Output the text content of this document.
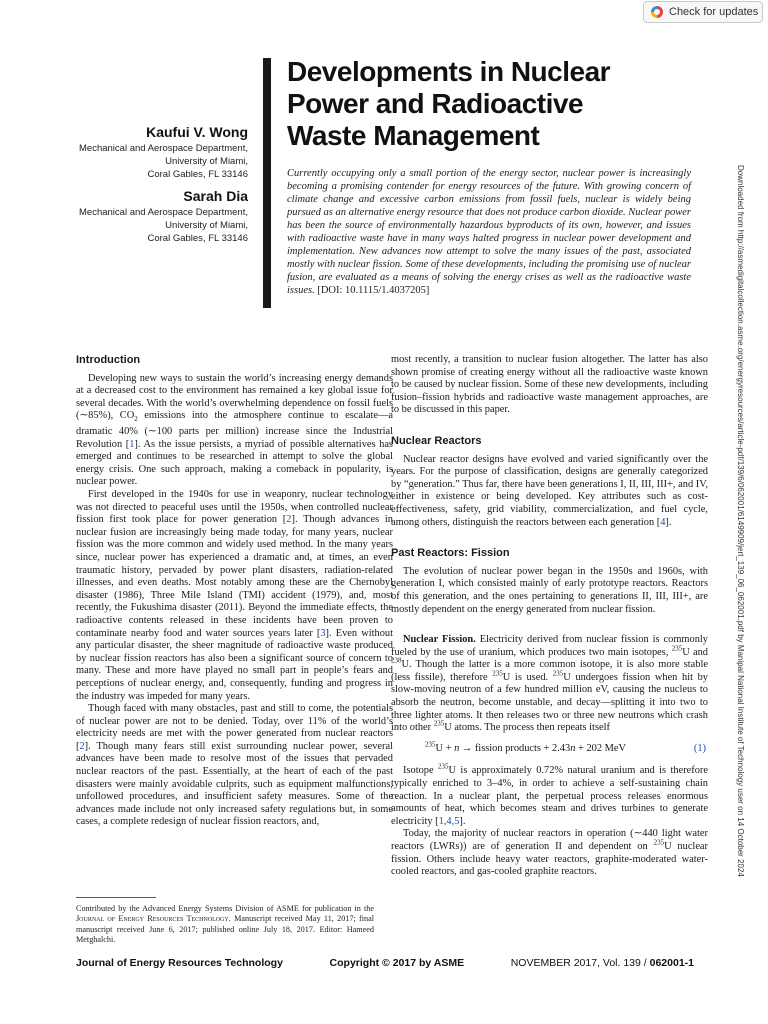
Check for updates
Developments in Nuclear
Power and Radioactive
Waste Management
Kaufui V. Wong
Mechanical and Aerospace Department,
University of Miami,
Coral Gables, FL 33146
Sarah Dia
Mechanical and Aerospace Department,
University of Miami,
Coral Gables, FL 33146
Currently occupying only a small portion of the energy sector, nuclear power is increasingly becoming a promising contender for energy resources of the future. With growing concern of climate change and excessive carbon emissions from fossil fuels, nuclear is widely being pursued as an alternative energy resource that does not produce carbon dioxide. Nuclear power has been the source of environmentally hazardous byproducts of its own, however, and issues with radioactive waste have in many ways halted progress in nuclear power development and implementation. New advances now attempt to solve the many issues of the past, associated mostly with nuclear fission. Some of these developments, including the promising use of nuclear fusion, are evaluated as a means of solving the energy crises as well as the radioactive waste issues. [DOI: 10.1115/1.4037205]	Downloaded from http://asmedigitalcollection.asme.org/energyresources/article-pdf/139/6/062001/6149909/jert_139_06_062001.pdf by Manipal National Institute of Technology user on 14 October 2024
Introduction

Developing new ways to sustain the world’s increasing energy demands at a decreased cost to the environment has remained a key global issue for several decades. With the world’s overwhelming dependence on fossil fuels (∼85%), $CO_2$ emissions into the atmosphere continue to escalate—a dramatic 40% (∼100 parts per million) increase since the Industrial Revolution [1]. As the issue persists, a myriad of possible alternatives has emerged and continues to be researched in attempt to solve the global energy crisis. One such approach, making a comeback in popularity, is nuclear power.

First developed in the 1940s for use in weaponry, nuclear technology was not directed to peaceful uses until the 1950s, when controlled nuclear fission first took place for power generation [2]. Though advances in nuclear fusion are increasingly being made today, for many years, nuclear fission was the more common and widely used method. In the many years since, nuclear power has experienced a dramatic and, at times, an even traumatic history, pervaded by power plant disasters, radiation-related illnesses, and even deaths. Most notably among these are the Chernobyl disaster (1986), Three Mile Island (TMI) accident (1979), and, most recently, the Fukushima disaster (2011). Beyond the immediate effects, the radioactive contents released in these incidents have been proven to contaminate nearby food and water sources years later [3]. Even without any particular disaster, the sheer magnitude of radioactive waste produced by nuclear fission reactors has also been a significant source of concern to many. These and more have played no small part in people’s fears and perceptions of nuclear energy, and, consequently, funding and progress in the industry was impeded for many years.

Though faced with many obstacles, past and still to come, the potentials of nuclear power are not to be denied. Today, over 11% of the world’s electricity needs are met with the power generated from nuclear reactors [2]. Though many fears still exist surrounding nuclear power, several advances have been made to resolve most of the issues that pervaded nuclear reactors of the past. Essentially, at the heart of each of the past disasters were mainly avoidable culprits, such as equipment malfunctions, unfollowed procedures, and insufficient safety measures. Some of the advances made include not only increased safety regulations but, in some cases, a complete redesign of nuclear fission reactors, and,

most recently, a transition to nuclear fusion altogether. The latter has also shown promise of creating energy without all the radioactive waste known to be caused by nuclear fission. Some of these new developments, including fusion–fission hybrids and radioactive waste management approaches, are to be discussed in this paper.

Nuclear Reactors

Nuclear reactor designs have evolved and varied significantly over the years. For the purpose of classification, designs are generally categorized by “generation.” Thus far, there have been generations I, II, III, III+, and IV, either in existence or being developed. Key attributes such as cost-effectiveness, safety, grid viability, commercialization, and fuel cycle, among others, distinguish the reactors between each generation [4].

Past Reactors: Fission

The evolution of nuclear power began in the 1950s and 1960s, with generation I, which consisted mainly of early prototype reactors. Reactors of this generation, and the ones pertaining to generations II, III, III+, are mostly dependent on the energy generated from nuclear fission.

Nuclear Fission. Electricity derived from nuclear fission is commonly fueled by the use of uranium, which produces two main isotopes, $^{235}$U and $^{238}$U. Though the latter is a more common isotope, it is also more stable (less fissile), therefore $^{235}$U is used. $^{235}$U undergoes fission when hit by slow-moving neutron of a few hundred million eV, causing the nucleus to absorb the neutron, become unstable, and decay—splitting it into two to three lighter atoms. It then releases two or three new neutrons which crash into other $^{235}$U atoms. The process then repeats itself

$^{235}$U + n → fission products + 2.43n + 202 MeV	(1)

Isotope $^{235}$U is approximately 0.72% natural uranium and is therefore typically enriched to 3–4%, in order to achieve a self-sustaining chain reaction. In a nuclear plant, the perpetual process releases enormous amounts of heat, which becomes steam and drives turbines to generate electricity [1,4,5].

Today, the majority of nuclear reactors in operation (∼440 light water reactors (LWRs)) are of generation II and dependent on $^{235}$U nuclear fission. Others include heavy water reactors, graphite-moderated water-cooled reactors, and gas-cooled graphite reactors.

Contributed by the Advanced Energy Systems Division of ASME for publication in the Journal of Energy Resources Technology. Manuscript received May 11, 2017; final manuscript received June 6, 2017; published online July 18, 2017. Editor: Hameed Metghalchi.
Journal of Energy Resources Technology	Copyright © 2017 by ASME	NOVEMBER 2017, Vol. 139 / 062001-1
